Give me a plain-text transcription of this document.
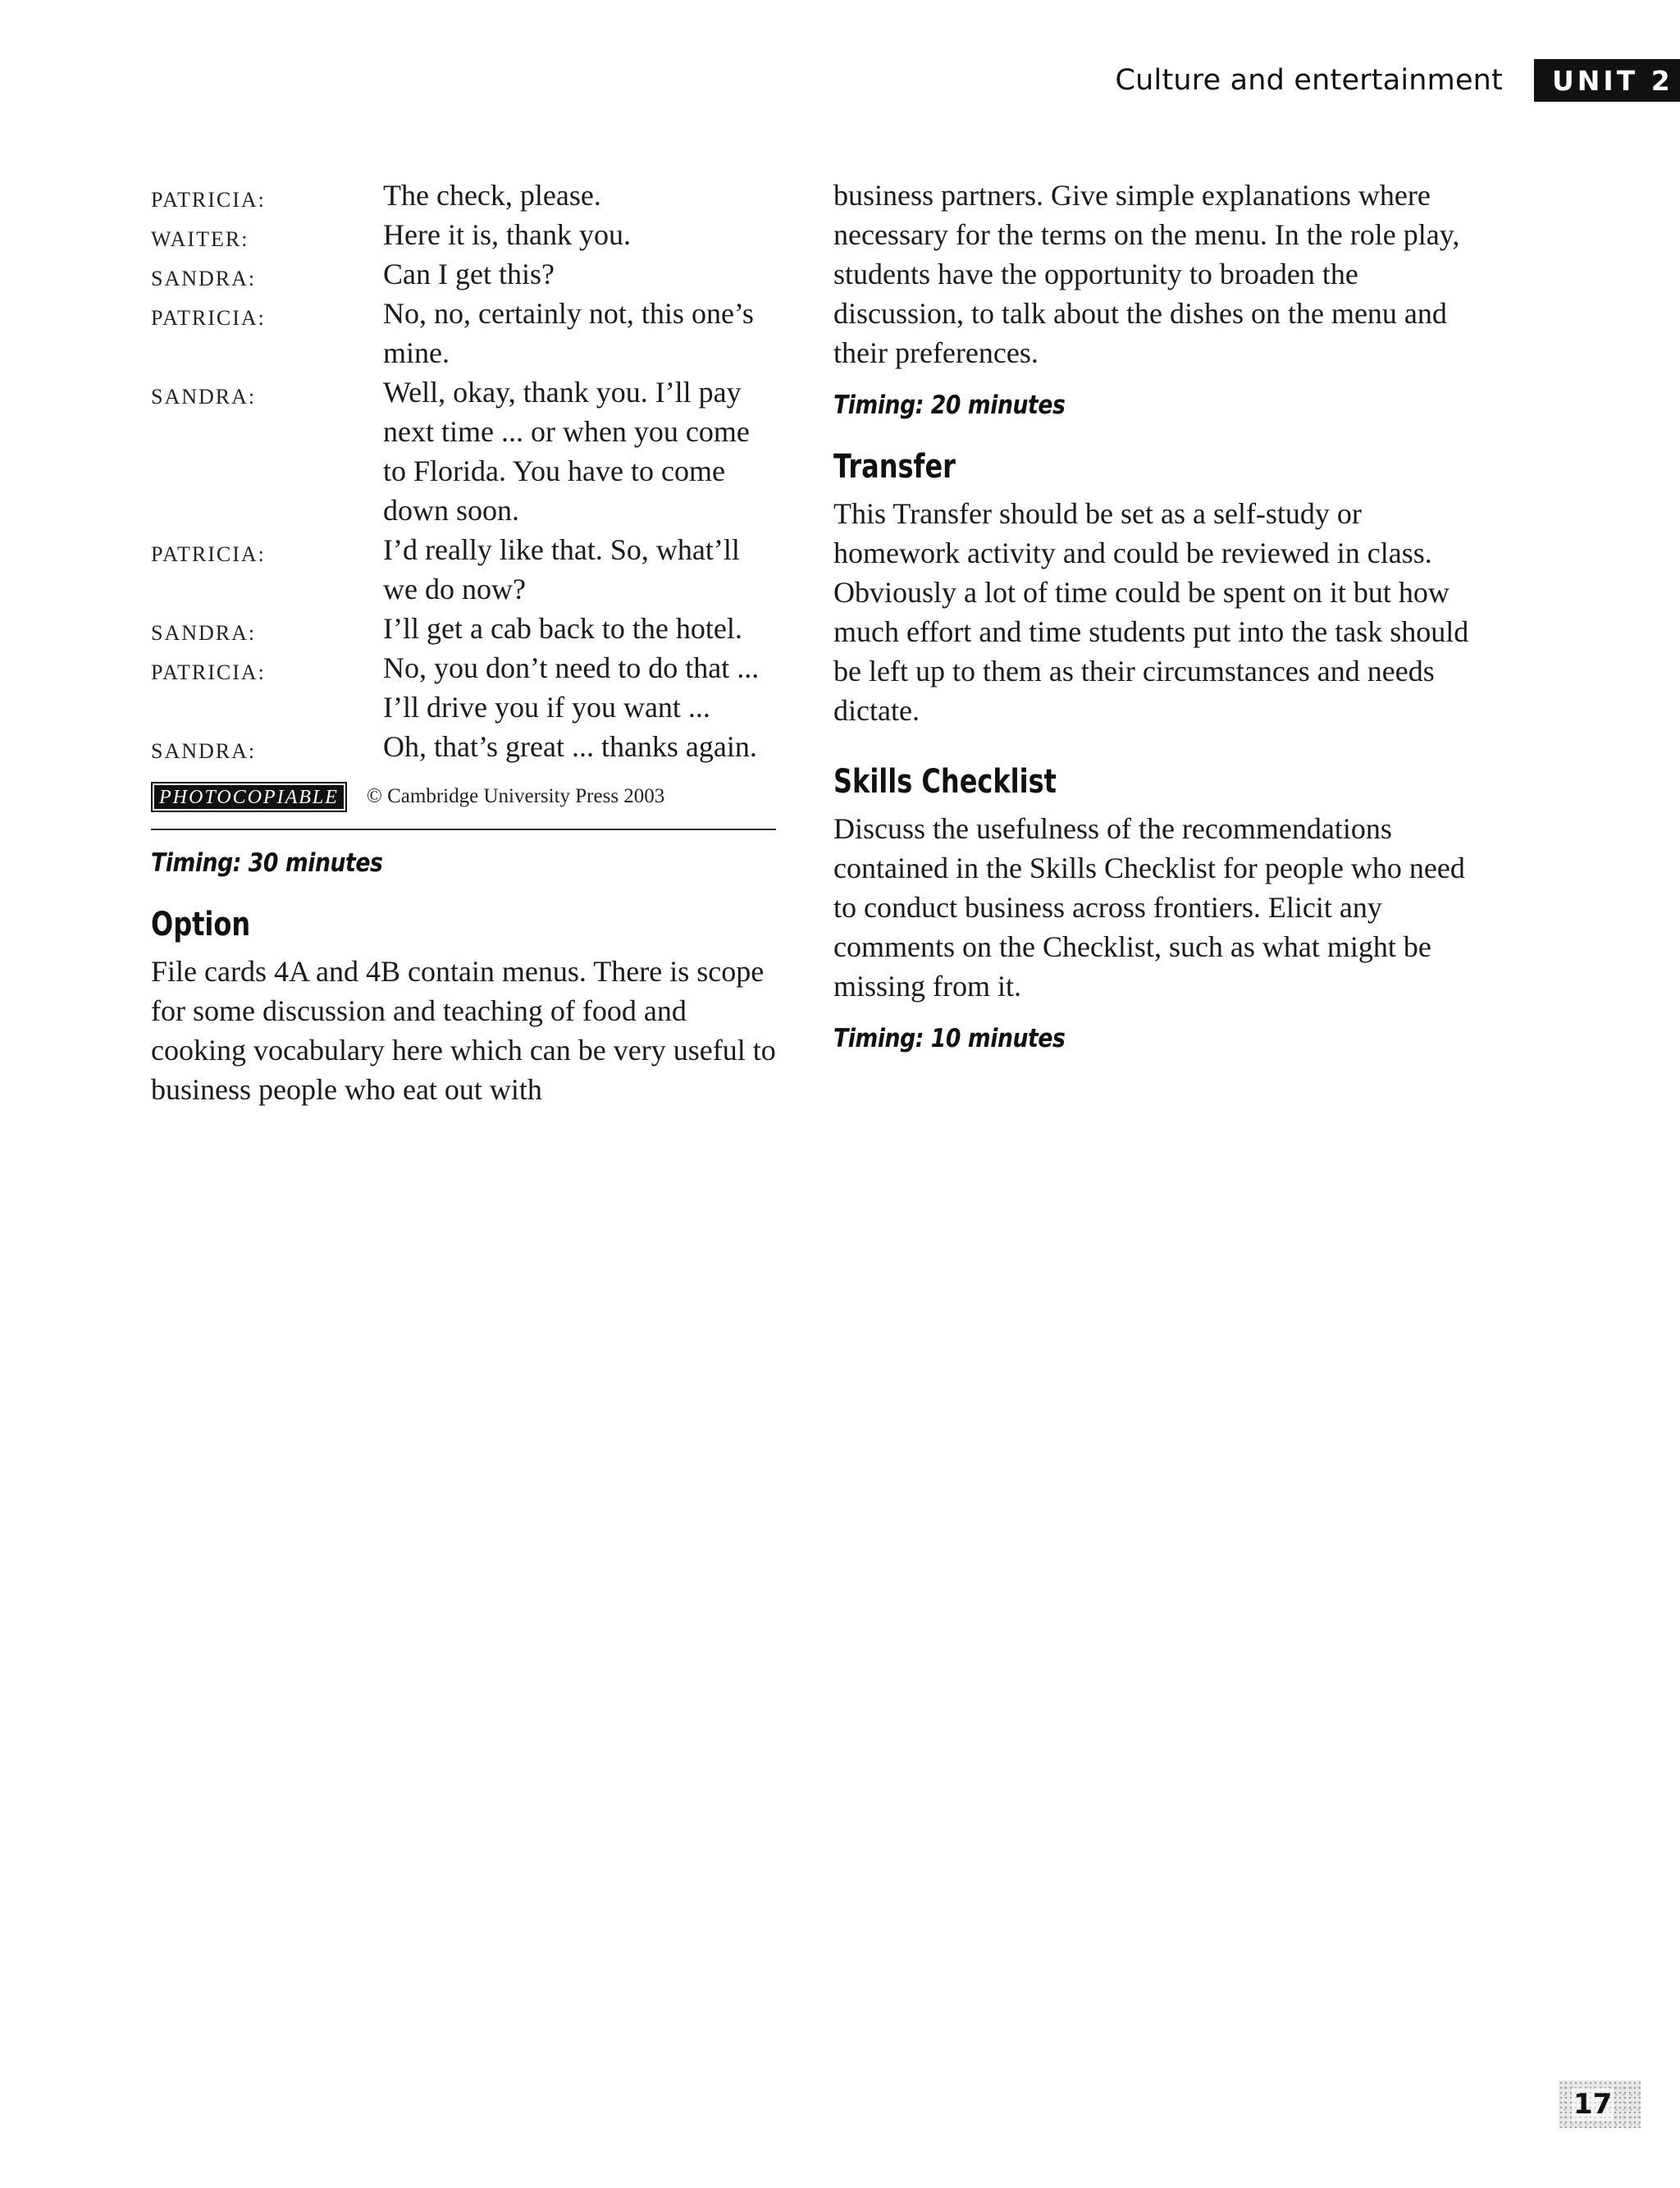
Culture and entertainment	UNIT 2
PATRICIA:	The check, please.
WAITER:	Here it is, thank you.
SANDRA:	Can I get this?
PATRICIA:	No, no, certainly not, this one’s mine.
SANDRA:	Well, okay, thank you. I’ll pay next time ... or when you come to Florida. You have to come down soon.
PATRICIA:	I’d really like that. So, what’ll we do now?
SANDRA:	I’ll get a cab back to the hotel.
PATRICIA:	No, you don’t need to do that ... I’ll drive you if you want ...
SANDRA:	Oh, that’s great ... thanks again.
PHOTOCOPIABLE	© Cambridge University Press 2003
Timing: 30 minutes
Option

File cards 4A and 4B contain menus. There is scope for some discussion and teaching of food and cooking vocabulary here which can be very useful to business people who eat out with

business partners. Give simple explanations where necessary for the terms on the menu. In the role play, students have the opportunity to broaden the discussion, to talk about the dishes on the menu and their preferences.

Timing: 20 minutes
Transfer

This Transfer should be set as a self-study or homework activity and could be reviewed in class. Obviously a lot of time could be spent on it but how much effort and time students put into the task should be left up to them as their circumstances and needs dictate.

Skills Checklist

Discuss the usefulness of the recommendations contained in the Skills Checklist for people who need to conduct business across frontiers. Elicit any comments on the Checklist, such as what might be missing from it.

Timing: 10 minutes
17
